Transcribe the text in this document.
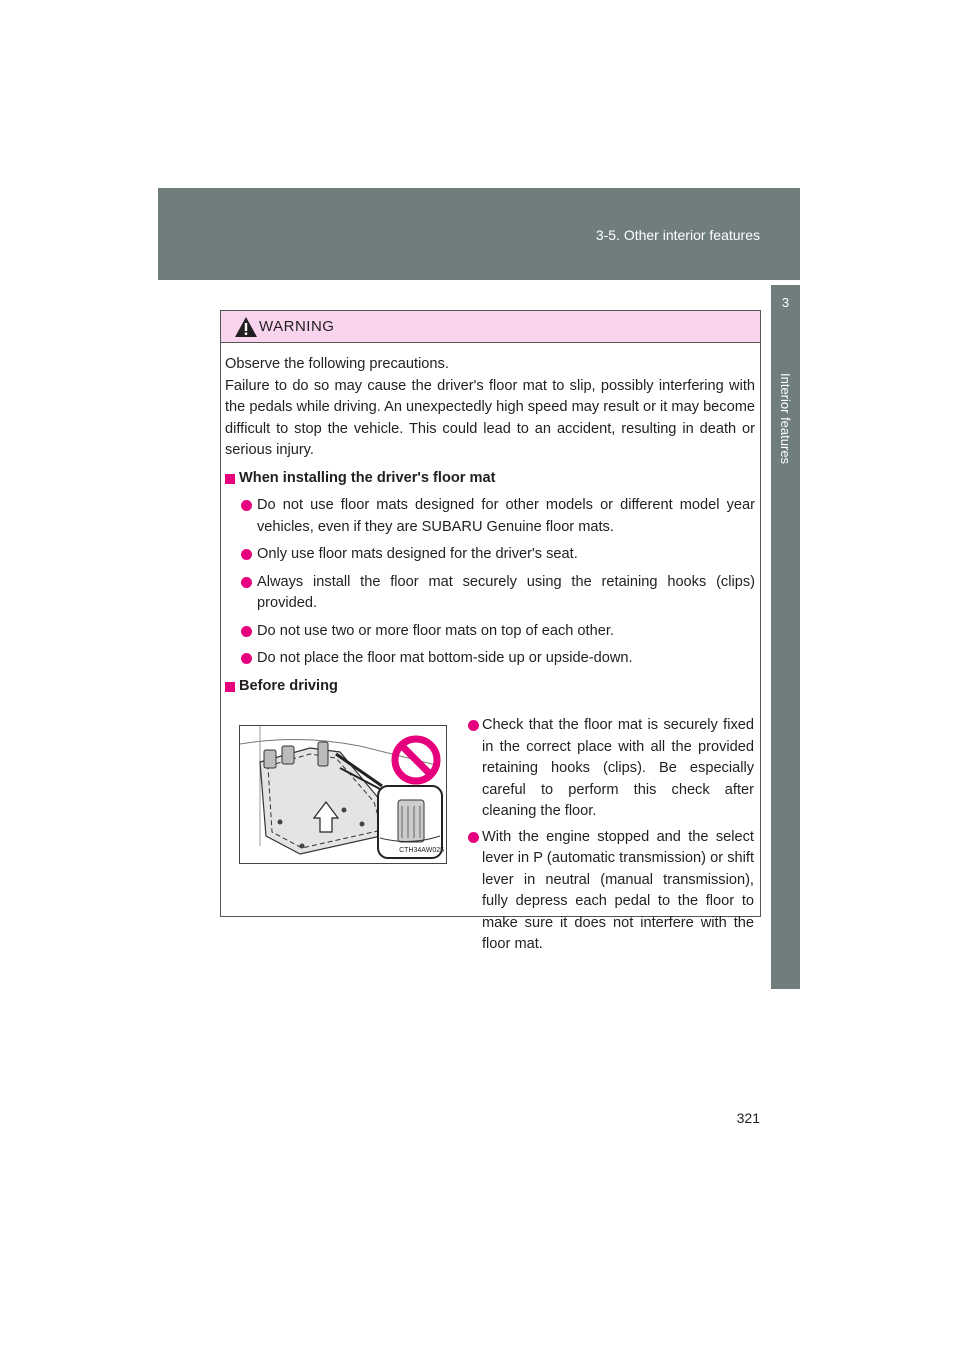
3-5. Other interior features
3
Interior features
WARNING
Observe the following precautions.
Failure to do so may cause the driver's floor mat to slip, possibly interfering with the pedals while driving. An unexpectedly high speed may result or it may become difficult to stop the vehicle. This could lead to an accident, resulting in death or serious injury.
When installing the driver's floor mat
Do not use floor mats designed for other models or different model year vehicles, even if they are SUBARU Genuine floor mats.
Only use floor mats designed for the driver's seat.
Always install the floor mat securely using the retaining hooks (clips) provided.
Do not use two or more floor mats on top of each other.
Do not place the floor mat bottom-side up or upside-down.
Before driving
CTH34AW025
Check that the floor mat is securely fixed in the correct place with all the provided retaining hooks (clips). Be especially careful to perform this check after cleaning the floor.
With the engine stopped and the select lever in P (automatic transmission) or shift lever in neutral (manual transmission), fully depress each pedal to the floor to make sure it does not interfere with the floor mat.
321
